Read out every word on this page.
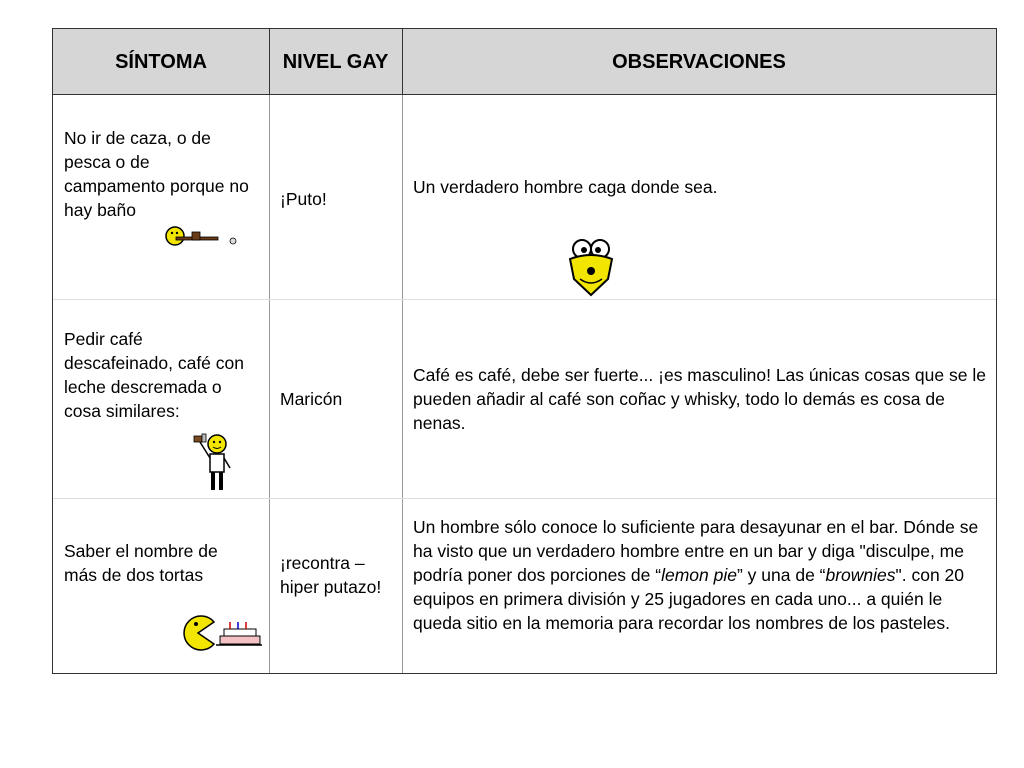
SÍNTOMA	NIVEL GAY	OBSERVACIONES
No ir de caza, o de pesca o de campamento porque no hay baño
¡Puto!
Un verdadero hombre caga donde sea.
Pedir café descafeinado, café con leche descremada o cosa similares:
Maricón
Café es café, debe ser fuerte... ¡es masculino! Las únicas cosas que se le pueden añadir al café son coñac y whisky, todo lo demás es cosa de nenas.
Saber el nombre de más de dos tortas
¡recontra – hiper putazo!
Un hombre sólo conoce lo suficiente para desayunar en el bar. Dónde se ha visto que un verdadero hombre entre en un bar y diga "disculpe, me podría poner dos porciones de “lemon pie” y una de “brownies". con 20 equipos en primera división y 25 jugadores en cada uno... a quién le queda sitio en la memoria para recordar los nombres de los pasteles.
